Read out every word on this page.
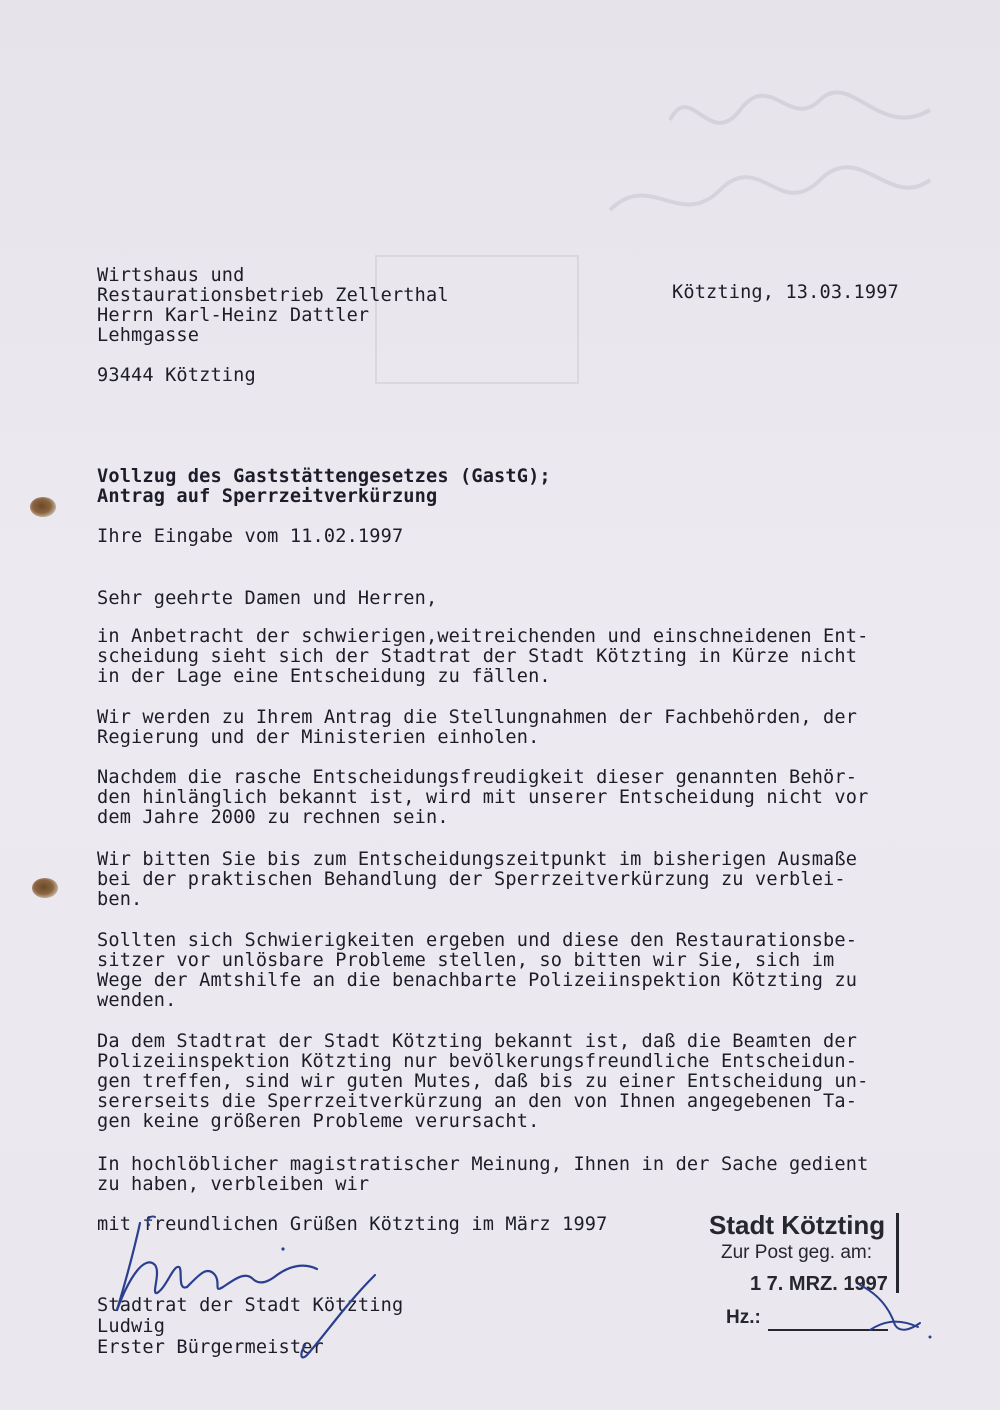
Wirtshaus und
Restaurationsbetrieb Zellerthal
Herrn Karl-Heinz Dattler
Lehmgasse
93444 Kötzting
Kötzting, 13.03.1997
Vollzug des Gaststättengesetzes (GastG);
Antrag auf Sperrzeitverkürzung
Ihre Eingabe vom 11.02.1997
Sehr geehrte Damen und Herren,
in Anbetracht der schwierigen,weitreichenden und einschneidenen Ent-
scheidung sieht sich der Stadtrat der Stadt Kötzting in Kürze nicht
in der Lage eine Entscheidung zu fällen.
Wir werden zu Ihrem Antrag die Stellungnahmen der Fachbehörden, der
Regierung und der Ministerien einholen.
Nachdem die rasche Entscheidungsfreudigkeit dieser genannten Behör-
den hinlänglich bekannt ist, wird mit unserer Entscheidung nicht vor
dem Jahre 2000 zu rechnen sein.
Wir bitten Sie bis zum Entscheidungszeitpunkt im bisherigen Ausmaße
bei der praktischen Behandlung der Sperrzeitverkürzung zu verblei-
ben.
Sollten sich Schwierigkeiten ergeben und diese den Restaurationsbe-
sitzer vor unlösbare Probleme stellen, so bitten wir Sie, sich im
Wege der Amtshilfe an die benachbarte Polizeiinspektion Kötzting zu
wenden.
Da dem Stadtrat der Stadt Kötzting bekannt ist, daß die Beamten der
Polizeiinspektion Kötzting nur bevölkerungsfreundliche Entscheidun-
gen treffen, sind wir guten Mutes, daß bis zu einer Entscheidung un-
sererseits die Sperrzeitverkürzung an den von Ihnen angegebenen Ta-
gen keine größeren Probleme verursacht.
In hochlöblicher magistratischer Meinung, Ihnen in der Sache gedient
zu haben, verbleiben wir
mit freundlichen Grüßen Kötzting im März 1997
Stadtrat der Stadt Kötzting
Ludwig
Erster Bürgermeister
Stadt Kötzting
Zur Post geg. am:
1 7. MRZ. 1997
Hz.:
